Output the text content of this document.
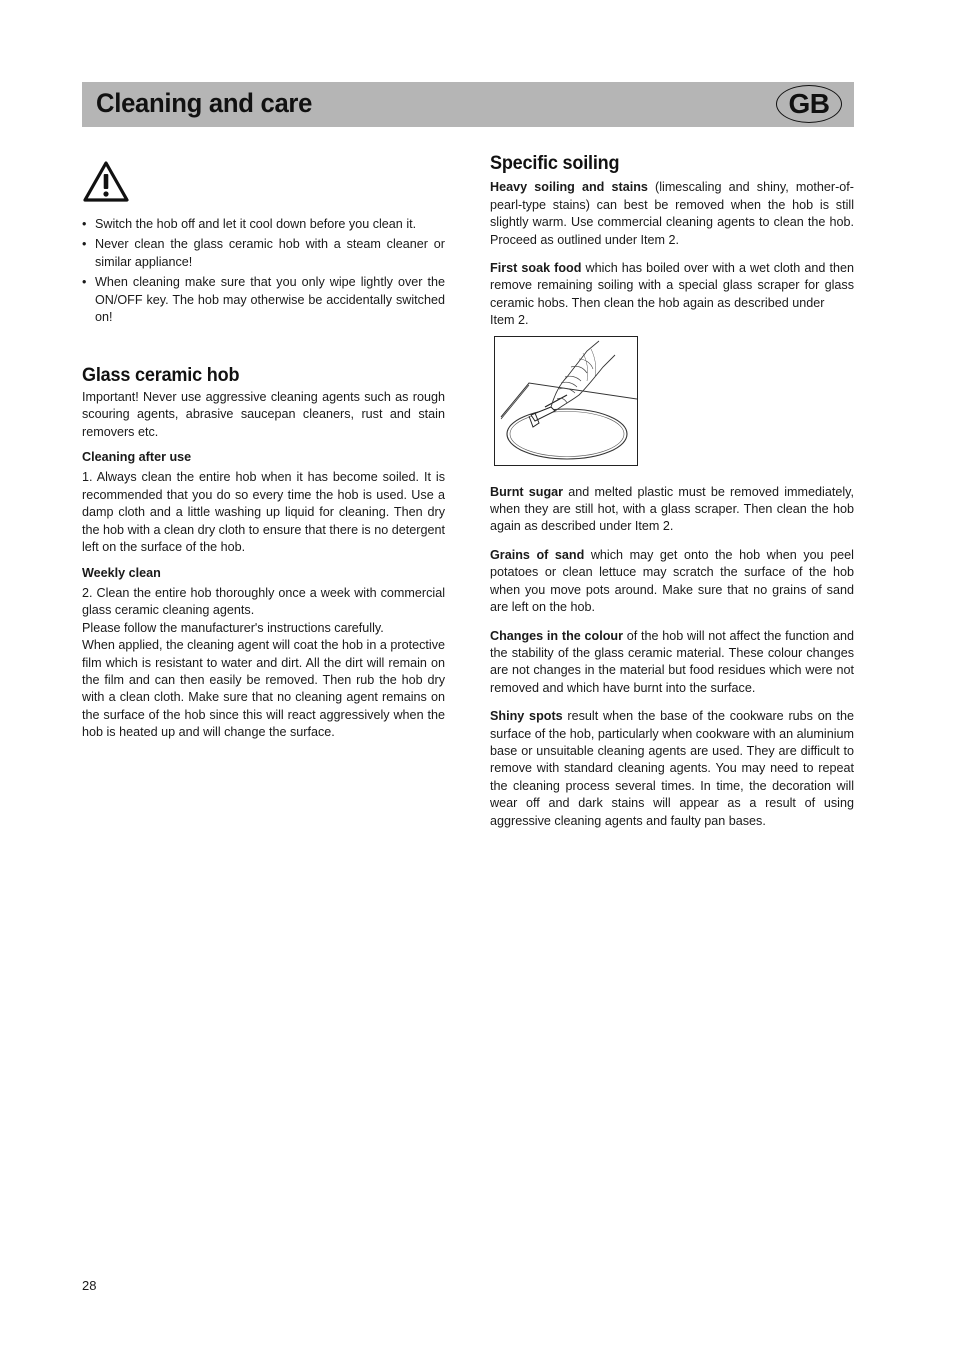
Cleaning and care	GB
• Switch the hob off and let it cool down before you clean it.
• Never clean the glass ceramic hob with a steam cleaner or similar appliance!
• When cleaning make sure that you only wipe lightly over the ON/OFF key. The hob may otherwise be accidentally switched on!
Glass ceramic hob

Important! Never use aggressive cleaning agents such as rough scouring agents, abrasive saucepan cleaners, rust and stain removers etc.

Cleaning after use

1. Always clean the entire hob when it has become soiled. It is recommended that you do so every time the hob is used. Use a damp cloth and a little washing up liquid for cleaning. Then dry the hob with a clean dry cloth to ensure that there is no detergent left on the surface of the hob.

Weekly clean

2. Clean the entire hob thoroughly once a week with commercial glass ceramic cleaning agents.

Please follow the manufacturer's instructions carefully.

When applied, the cleaning agent will coat the hob in a protective film which is resistant to water and dirt. All the dirt will remain on the film and can then easily be removed. Then rub the hob dry with a clean cloth. Make sure that no cleaning agent remains on the surface of the hob since this will react aggressively when the hob is heated up and will change the surface.

Specific soiling

Heavy soiling and stains (limescaling and shiny, mother-of-pearl-type stains) can best be removed when the hob is still slightly warm. Use commercial cleaning agents to clean the hob. Proceed as outlined under Item 2.

First soak food which has boiled over with a wet cloth and then remove remaining soiling with a special glass scraper for glass ceramic hobs. Then clean the hob again as described under

Item 2.

Burnt sugar and melted plastic must be removed immediately, when they are still hot, with a glass scraper. Then clean the hob again as described under Item 2.

Grains of sand which may get onto the hob when you peel potatoes or clean lettuce may scratch the surface of the hob when you move pots around. Make sure that no grains of sand are left on the hob.

Changes in the colour of the hob will not affect the function and the stability of the glass ceramic material. These colour changes are not changes in the material but food residues which were not removed and which have burnt into the surface.

Shiny spots result when the base of the cookware rubs on the surface of the hob, particularly when cookware with an aluminium base or unsuitable cleaning agents are used. They are difficult to remove with standard cleaning agents. You may need to repeat the cleaning process several times. In time, the decoration will wear off and dark stains will appear as a result of using aggressive cleaning agents and faulty pan bases.

28
